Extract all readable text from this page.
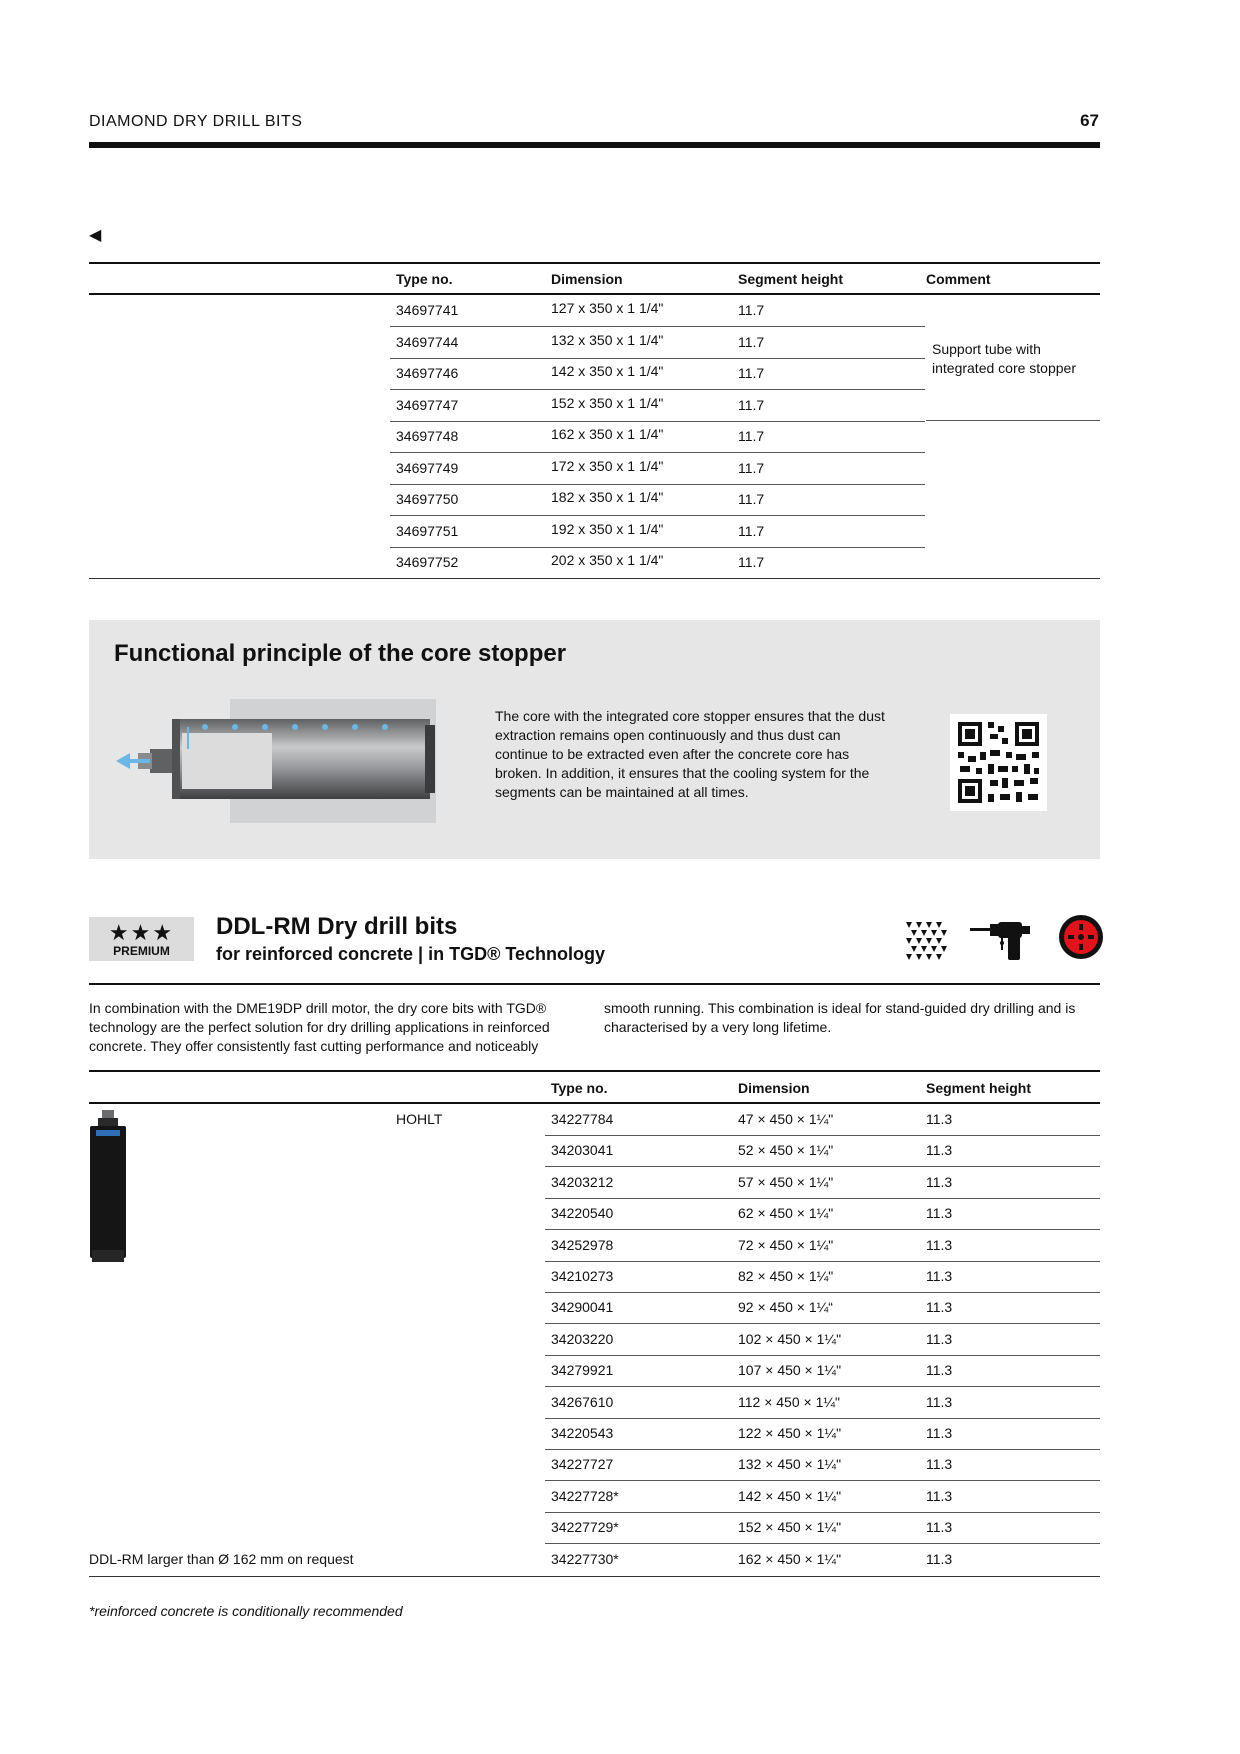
DIAMOND DRY DRILL BITS	67
◀
Type no.	Dimension	Segment height	Comment
34697741	127 x 350 x 1 1/4"	11.7
34697744	132 x 350 x 1 1/4"	11.7
34697746	142 x 350 x 1 1/4"	11.7
34697747	152 x 350 x 1 1/4"	11.7
34697748	162 x 350 x 1 1/4"	11.7
34697749	172 x 350 x 1 1/4"	11.7
34697750	182 x 350 x 1 1/4"	11.7
34697751	192 x 350 x 1 1/4"	11.7
34697752	202 x 350 x 1 1/4"	11.7
Support tube with integrated core stopper
Functional principle of the core stopper
The core with the integrated core stopper ensures that the dust extraction remains open continuously and thus dust can continue to be extracted even after the concrete core has broken. In addition, it ensures that the cooling system for the segments can be maintained at all times.
★★★
PREMIUM
DDL-RM Dry drill bits
for reinforced concrete | in TGD® Technology
In combination with the DME19DP drill motor, the dry core bits with TGD® technology are the perfect solution for dry drilling applications in reinforced concrete. They offer consistently fast cutting performance and noticeably
smooth running. This combination is ideal for stand-guided dry drilling and is characterised by a very long lifetime.
Type no.	Dimension	Segment height
HOHLT	34227784	47 × 450 × 1¼"	11.3
34203041	52 × 450 × 1¼"	11.3
34203212	57 × 450 × 1¼"	11.3
34220540	62 × 450 × 1¼"	11.3
34252978	72 × 450 × 1¼"	11.3
34210273	82 × 450 × 1¼"	11.3
34290041	92 × 450 × 1¼“	11.3
34203220	102 × 450 × 1¼"	11.3
34279921	107 × 450 × 1¼"	11.3
34267610	112 × 450 × 1¼"	11.3
34220543	122 × 450 × 1¼"	11.3
34227727	132 × 450 × 1¼"	11.3
34227728*	142 × 450 × 1¼"	11.3
34227729*	152 × 450 × 1¼"	11.3
34227730*	162 × 450 × 1¼"	11.3
DDL-RM larger than Ø 162 mm on request
*reinforced concrete is conditionally recommended
